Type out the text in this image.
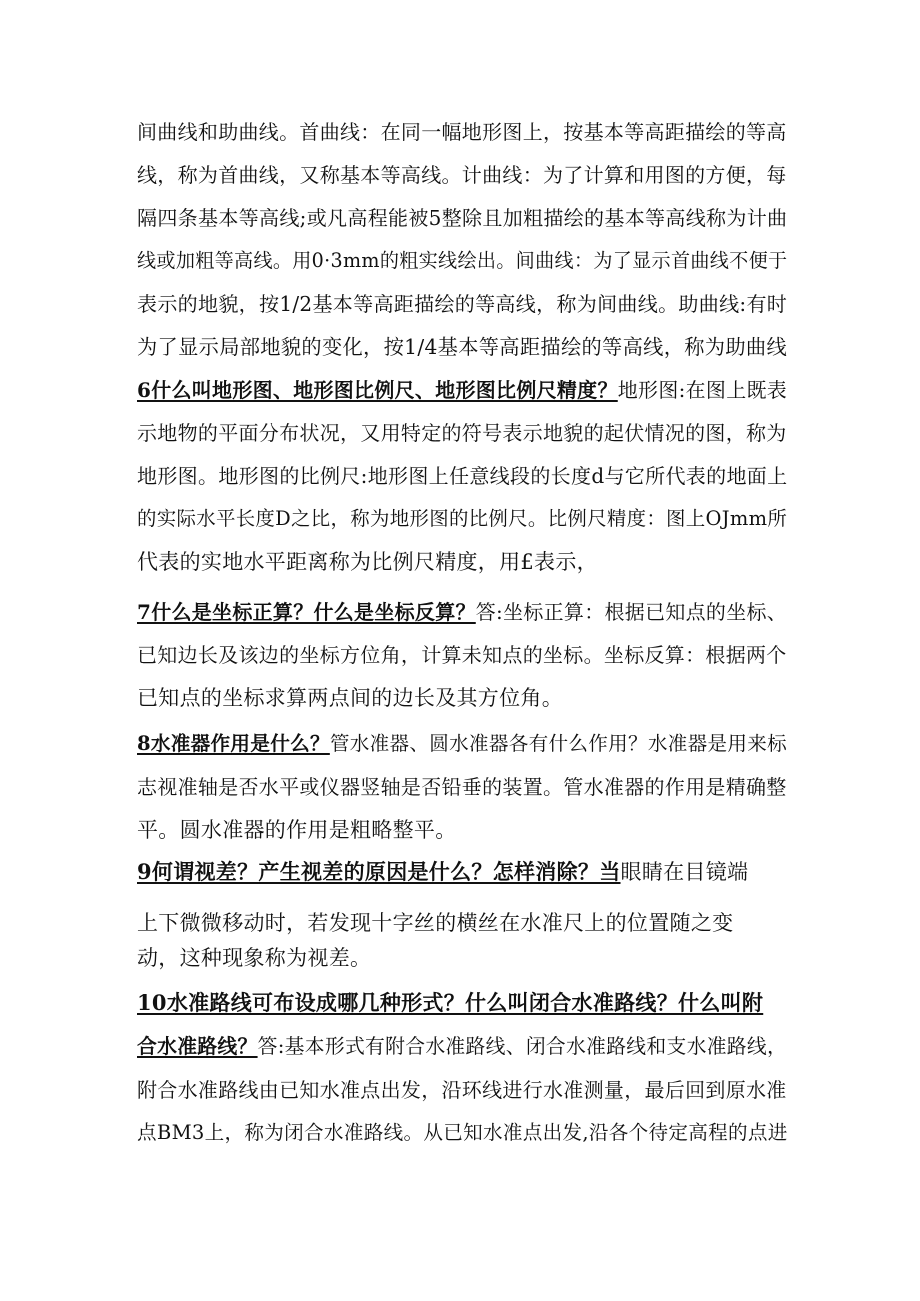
间曲线和助曲线。首曲线：在同一幅地形图上，按基本等高距描绘的等高
线，称为首曲线，又称基本等高线。计曲线：为了计算和用图的方便，每
隔四条基本等高线;或凡高程能被5整除且加粗描绘的基本等高线称为计曲
线或加粗等高线。用0·3mm的粗实线绘出。间曲线：为了显示首曲线不便于
表示的地貌，按1/2基本等高距描绘的等高线，称为间曲线。助曲线:有时
为了显示局部地貌的变化，按1/4基本等高距描绘的等高线，称为助曲线
6什么叫地形图、地形图比例尺、地形图比例尺精度？地形图:在图上既表
示地物的平面分布状况，又用特定的符号表示地貌的起伏情况的图，称为
地形图。地形图的比例尺:地形图上任意线段的长度d与它所代表的地面上
的实际水平长度D之比，称为地形图的比例尺。比例尺精度：图上OJmm所
代表的实地水平距离称为比例尺精度，用£表示，
7什么是坐标正算？什么是坐标反算？答:坐标正算：根据已知点的坐标、
已知边长及该边的坐标方位角，计算未知点的坐标。坐标反算：根据两个
已知点的坐标求算两点间的边长及其方位角。
8水准器作用是什么？管水准器、圆水准器各有什么作用？水准器是用来标
志视准轴是否水平或仪器竖轴是否铅垂的装置。管水准器的作用是精确整
平。圆水准器的作用是粗略整平。
9何谓视差？产生视差的原因是什么？怎样消除？当眼睛在目镜端
上下微微移动时，若发现十字丝的横丝在水准尺上的位置随之变
动，这种现象称为视差。
10水准路线可布设成哪几种形式？什么叫闭合水准路线？什么叫附
合水准路线？答:基本形式有附合水准路线、闭合水准路线和支水准路线，
附合水准路线由已知水准点出发，沿环线进行水准测量，最后回到原水准
点BM3上，称为闭合水准路线。从已知水准点出发,沿各个待定高程的点进
